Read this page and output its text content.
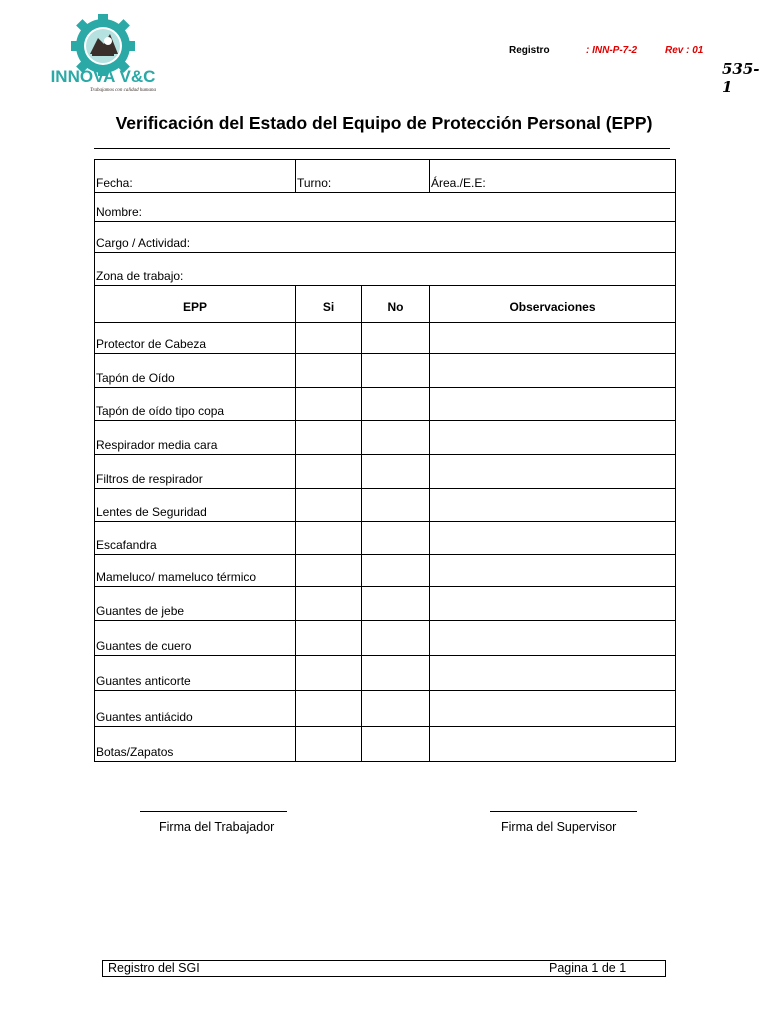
INNOVA V&C
Trabajamos con calidad humana
Registro	: INN-P-7-2	Rev : 01
535-1
Verificación del Estado del Equipo de Protección Personal (EPP)
Fecha:	Turno:		Área./E.E:
Nombre:			
Cargo / Actividad:			
Zona de trabajo:			
EPP	Si	No	Observaciones
Protector de Cabeza			
Tapón de Oído			
Tapón de oído tipo copa			
Respirador media cara			
Filtros de respirador			
Lentes de Seguridad			
Escafandra			
Mameluco/ mameluco térmico			
Guantes de jebe			
Guantes de cuero			
Guantes anticorte			
Guantes antiácido			
Botas/Zapatos			
Firma del Trabajador	Firma del Supervisor
Registro del SGI	Pagina 1 de 1
